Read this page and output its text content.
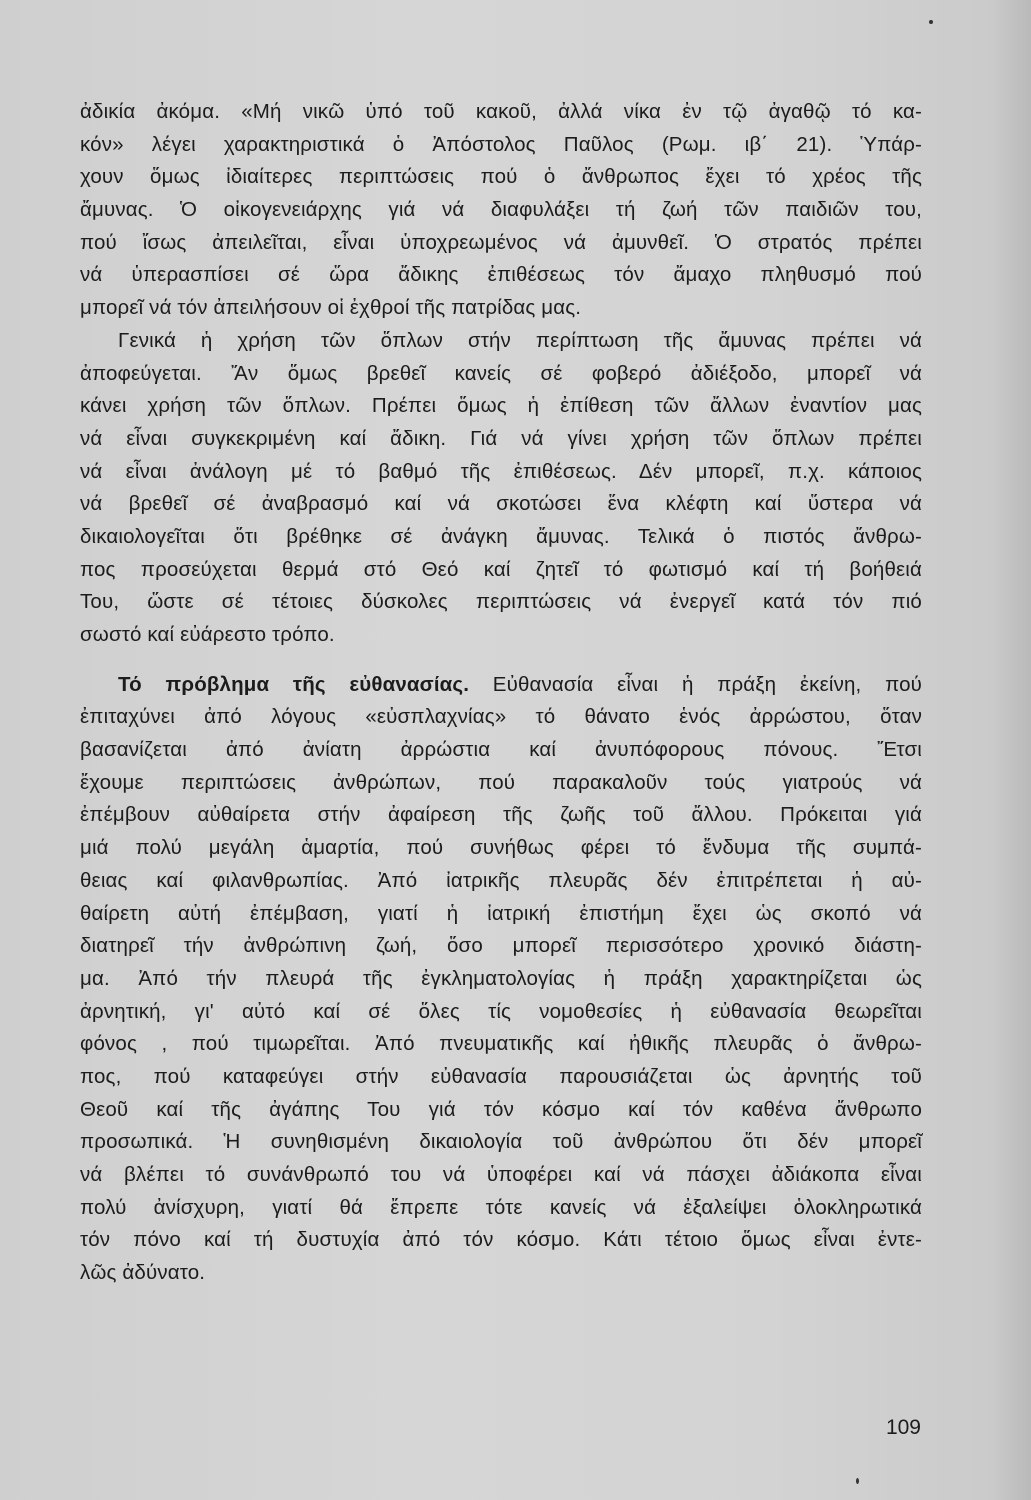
ἀδικία ἀκόμα. «Μή νικῶ ὑπό τοῦ κακοῦ, ἀλλά νίκα ἐν τῷ ἀγαθῷ τό κα-
κόν» λέγει χαρακτηριστικά ὁ Ἀπόστολος Παῦλος (Ρωμ. ιβ΄ 21). Ὑπάρ-
χουν ὅμως ἰδιαίτερες περιπτώσεις πού ὁ ἄνθρωπος ἔχει τό χρέος τῆς
ἄμυνας. Ὁ οἰκογενειάρχης γιά νά διαφυλάξει τή ζωή τῶν παιδιῶν του,
πού ἴσως ἀπειλεῖται, εἶναι ὑποχρεωμένος νά ἀμυνθεῖ. Ὁ στρατός πρέπει
νά ὑπερασπίσει σέ ὥρα ἄδικης ἐπιθέσεως τόν ἄμαχο πληθυσμό πού
μπορεῖ νά τόν ἀπειλήσουν οἱ ἐχθροί τῆς πατρίδας μας.
Γενικά ἡ χρήση τῶν ὅπλων στήν περίπτωση τῆς ἄμυνας πρέπει νά
ἀποφεύγεται. Ἄν ὅμως βρεθεῖ κανείς σέ φοβερό ἀδιέξοδο, μπορεῖ νά
κάνει χρήση τῶν ὅπλων. Πρέπει ὅμως ἡ ἐπίθεση τῶν ἄλλων ἐναντίον μας
νά εἶναι συγκεκριμένη καί ἄδικη. Γιά νά γίνει χρήση τῶν ὅπλων πρέπει
νά εἶναι ἀνάλογη μέ τό βαθμό τῆς ἐπιθέσεως. Δέν μπορεῖ, π.χ. κάποιος
νά βρεθεῖ σέ ἀναβρασμό καί νά σκοτώσει ἕνα κλέφτη καί ὕστερα νά
δικαιολογεῖται ὅτι βρέθηκε σέ ἀνάγκη ἄμυνας. Τελικά ὁ πιστός ἄνθρω-
πος προσεύχεται θερμά στό Θεό καί ζητεῖ τό φωτισμό καί τή βοήθειά
Του, ὥστε σέ τέτοιες δύσκολες περιπτώσεις νά ἐνεργεῖ κατά τόν πιό
σωστό καί εὐάρεστο τρόπο.
Τό πρόβλημα τῆς εὐθανασίας. Εὐθανασία εἶναι ἡ πράξη ἐκείνη, πού
ἐπιταχύνει ἀπό λόγους «εὐσπλαχνίας» τό θάνατο ἑνός ἀρρώστου, ὅταν
βασανίζεται ἀπό ἀνίατη ἀρρώστια καί ἀνυπόφορους πόνους. Ἔτσι
ἔχουμε περιπτώσεις ἀνθρώπων, πού παρακαλοῦν τούς γιατρούς νά
ἐπέμβουν αὐθαίρετα στήν ἀφαίρεση τῆς ζωῆς τοῦ ἄλλου. Πρόκειται γιά
μιά πολύ μεγάλη ἁμαρτία, πού συνήθως φέρει τό ἔνδυμα τῆς συμπά-
θειας καί φιλανθρωπίας. Ἀπό ἰατρικῆς πλευρᾶς δέν ἐπιτρέπεται ἡ αὐ-
θαίρετη αὐτή ἐπέμβαση, γιατί ἡ ἰατρική ἐπιστήμη ἔχει ὡς σκοπό νά
διατηρεῖ τήν ἀνθρώπινη ζωή, ὅσο μπορεῖ περισσότερο χρονικό διάστη-
μα. Ἀπό τήν πλευρά τῆς ἐγκληματολογίας ἡ πράξη χαρακτηρίζεται ὡς
ἀρνητική, γι' αὐτό καί σέ ὅλες τίς νομοθεσίες ἡ εὐθανασία θεωρεῖται
φόνος , πού τιμωρεῖται. Ἀπό πνευματικῆς καί ἠθικῆς πλευρᾶς ὁ ἄνθρω-
πος, πού καταφεύγει στήν εὐθανασία παρουσιάζεται ὡς ἀρνητής τοῦ
Θεοῦ καί τῆς ἀγάπης Του γιά τόν κόσμο καί τόν καθένα ἄνθρωπο
προσωπικά. Ἡ συνηθισμένη δικαιολογία τοῦ ἀνθρώπου ὅτι δέν μπορεῖ
νά βλέπει τό συνάνθρωπό του νά ὑποφέρει καί νά πάσχει ἀδιάκοπα εἶναι
πολύ ἀνίσχυρη, γιατί θά ἔπρεπε τότε κανείς νά ἐξαλείψει ὁλοκληρωτικά
τόν πόνο καί τή δυστυχία ἀπό τόν κόσμο. Κάτι τέτοιο ὅμως εἶναι ἐντε-
λῶς ἀδύνατο.
109
